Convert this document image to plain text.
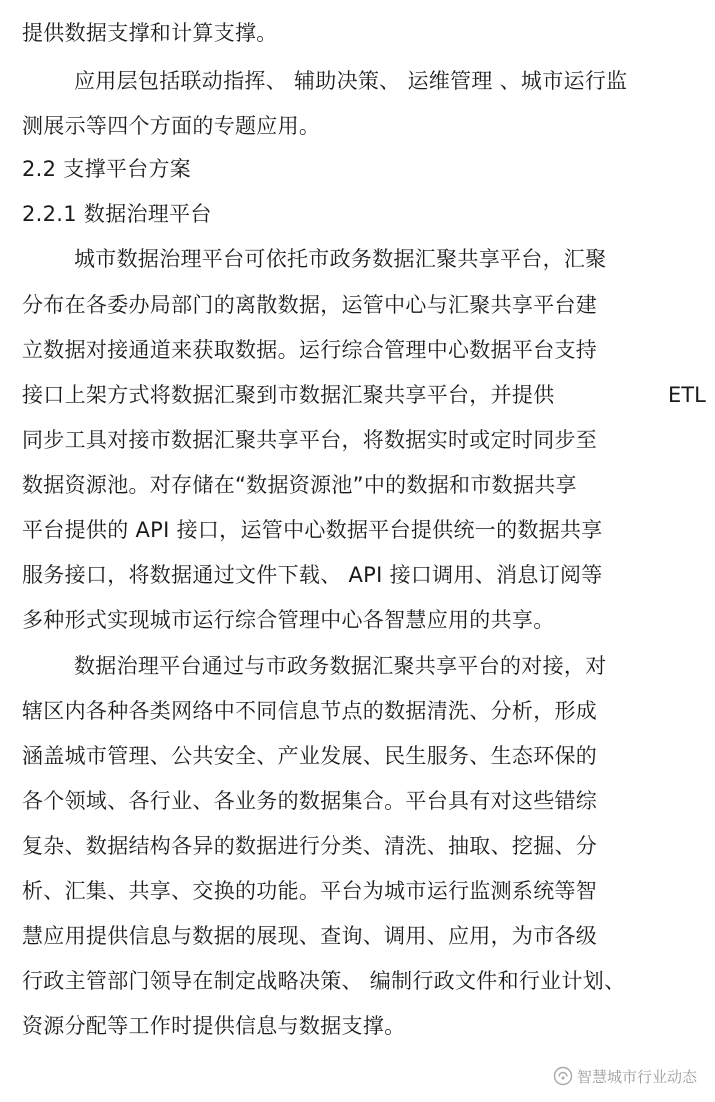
提供数据支撑和计算支撑。
应用层包括联动指挥、 辅助决策、 运维管理 、城市运行监
测展示等四个方面的专题应用。
2.2 支撑平台方案
2.2.1 数据治理平台
城市数据治理平台可依托市政务数据汇聚共享平台，汇聚
分布在各委办局部门的离散数据，运管中心与汇聚共享平台建
立数据对接通道来获取数据。运行综合管理中心数据平台支持
接口上架方式将数据汇聚到市数据汇聚共享平台，并提供
同步工具对接市数据汇聚共享平台，将数据实时或定时同步至
数据资源池。对存储在“数据资源池”中的数据和市数据共享
平台提供的 API 接口，运管中心数据平台提供统一的数据共享
服务接口，将数据通过文件下载、 API 接口调用、消息订阅等
多种形式实现城市运行综合管理中心各智慧应用的共享。
数据治理平台通过与市政务数据汇聚共享平台的对接，对
辖区内各种各类网络中不同信息节点的数据清洗、分析，形成
涵盖城市管理、公共安全、产业发展、民生服务、生态环保的
各个领域、各行业、各业务的数据集合。平台具有对这些错综
复杂、数据结构各异的数据进行分类、清洗、抽取、挖掘、分
析、汇集、共享、交换的功能。平台为城市运行监测系统等智
慧应用提供信息与数据的展现、查询、调用、应用，为市各级
行政主管部门领导在制定战略决策、 编制行政文件和行业计划、
资源分配等工作时提供信息与数据支撑。
ETL
智慧城市行业动态
